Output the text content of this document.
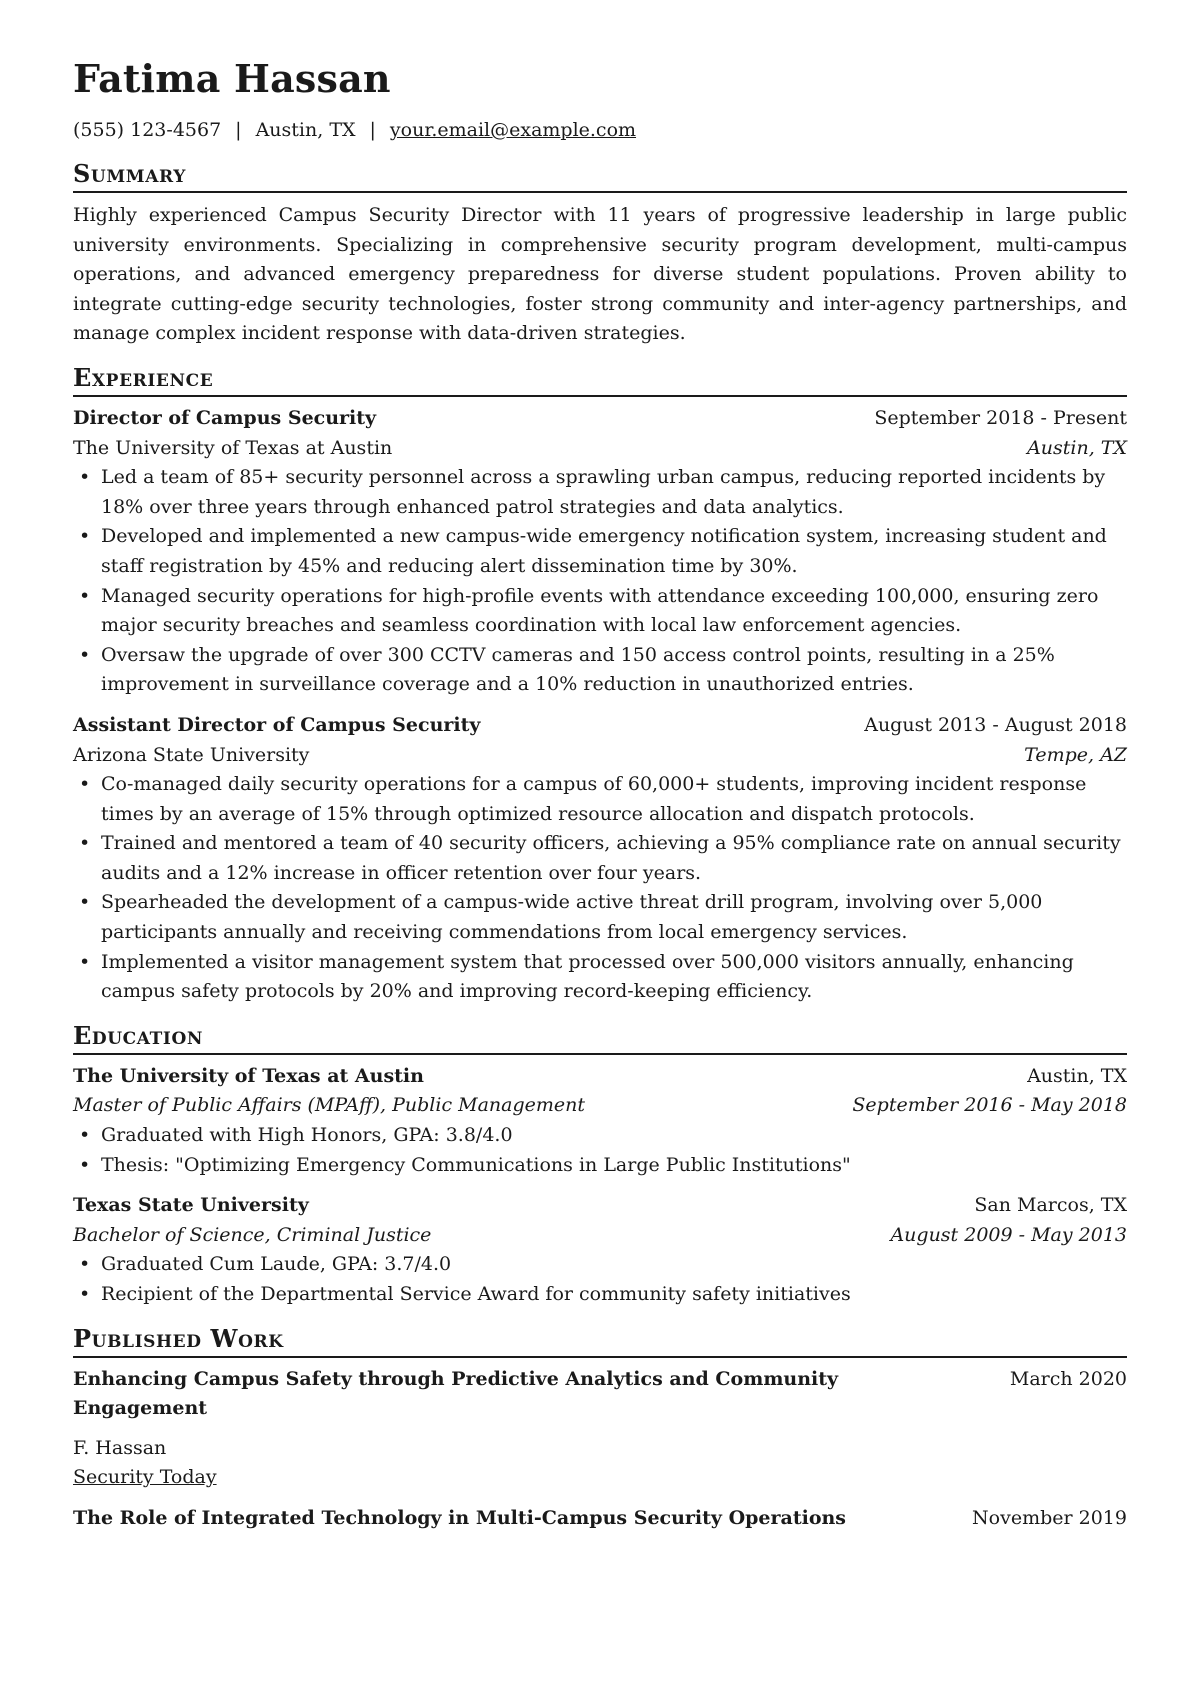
Fatima Hassan
(555) 123-4567 | Austin, TX | your.email@example.com
Summary
Highly experienced Campus Security Director with 11 years of progressive leadership in large public university environments. Specializing in comprehensive security program development, multi-campus operations, and advanced emergency preparedness for diverse student populations. Proven ability to integrate cutting-edge security technologies, foster strong community and inter-agency partnerships, and manage complex incident response with data-driven strategies.
Experience
Director of Campus Security	September 2018 - Present
The University of Texas at Austin	Austin, TX
• Led a team of 85+ security personnel across a sprawling urban campus, reducing reported incidents by 18% over three years through enhanced patrol strategies and data analytics.
• Developed and implemented a new campus-wide emergency notification system, increasing student and staff registration by 45% and reducing alert dissemination time by 30%.
• Managed security operations for high-profile events with attendance exceeding 100,000, ensuring zero major security breaches and seamless coordination with local law enforcement agencies.
• Oversaw the upgrade of over 300 CCTV cameras and 150 access control points, resulting in a 25% improvement in surveillance coverage and a 10% reduction in unauthorized entries.
Assistant Director of Campus Security	August 2013 - August 2018
Arizona State University	Tempe, AZ
• Co-managed daily security operations for a campus of 60,000+ students, improving incident response times by an average of 15% through optimized resource allocation and dispatch protocols.
• Trained and mentored a team of 40 security officers, achieving a 95% compliance rate on annual security audits and a 12% increase in officer retention over four years.
• Spearheaded the development of a campus-wide active threat drill program, involving over 5,000 participants annually and receiving commendations from local emergency services.
• Implemented a visitor management system that processed over 500,000 visitors annually, enhancing campus safety protocols by 20% and improving record-keeping efficiency.
Education
The University of Texas at Austin	Austin, TX
Master of Public Affairs (MPAff), Public Management	September 2016 - May 2018
• Graduated with High Honors, GPA: 3.8/4.0
• Thesis: "Optimizing Emergency Communications in Large Public Institutions"
Texas State University	San Marcos, TX
Bachelor of Science, Criminal Justice	August 2009 - May 2013
• Graduated Cum Laude, GPA: 3.7/4.0
• Recipient of the Departmental Service Award for community safety initiatives
Published Work
Enhancing Campus Safety through Predictive Analytics and Community Engagement
March 2020
F. Hassan
Security Today
The Role of Integrated Technology in Multi-Campus Security Operations	November 2019
